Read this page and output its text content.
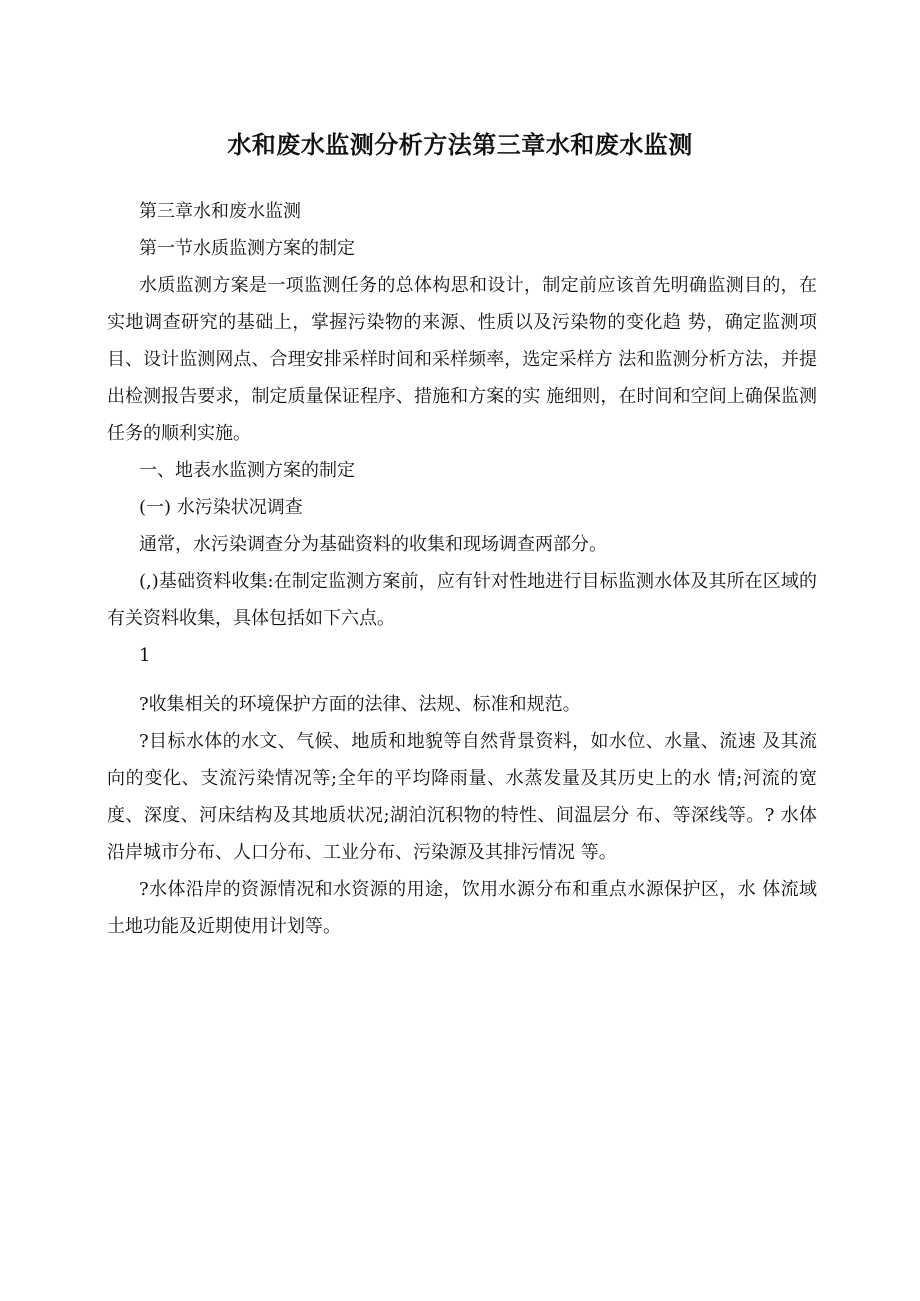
水和废水监测分析方法第三章水和废水监测

第三章水和废水监测

第一节水质监测方案的制定

水质监测方案是一项监测任务的总体构思和设计，制定前应该首先明确监测目的，在实地调查研究的基础上，掌握污染物的来源、性质以及污染物的变化趋 势，确定监测项目、设计监测网点、合理安排采样时间和采样频率，选定采样方 法和监测分析方法，并提出检测报告要求，制定质量保证程序、措施和方案的实 施细则，在时间和空间上确保监测 任务的顺利实施。

一、地表水监测方案的制定

(一) 水污染状况调查

通常，水污染调查分为基础资料的收集和现场调查两部分。

(,)基础资料收集:在制定监测方案前，应有针对性地进行目标监测水体及其所在区域的有关资料收集，具体包括如下六点。

1

?收集相关的环境保护方面的法律、法规、标准和规范。

?目标水体的水文、气候、地质和地貌等自然背景资料，如水位、水量、流速 及其流向的变化、支流污染情况等;全年的平均降雨量、水蒸发量及其历史上的水 情;河流的宽度、深度、河床结构及其地质状况;湖泊沉积物的特性、间温层分 布、等深线等。? 水体沿岸城市分布、人口分布、工业分布、污染源及其排污情况 等。

?水体沿岸的资源情况和水资源的用途，饮用水源分布和重点水源保护区，水 体流域土地功能及近期使用计划等。
